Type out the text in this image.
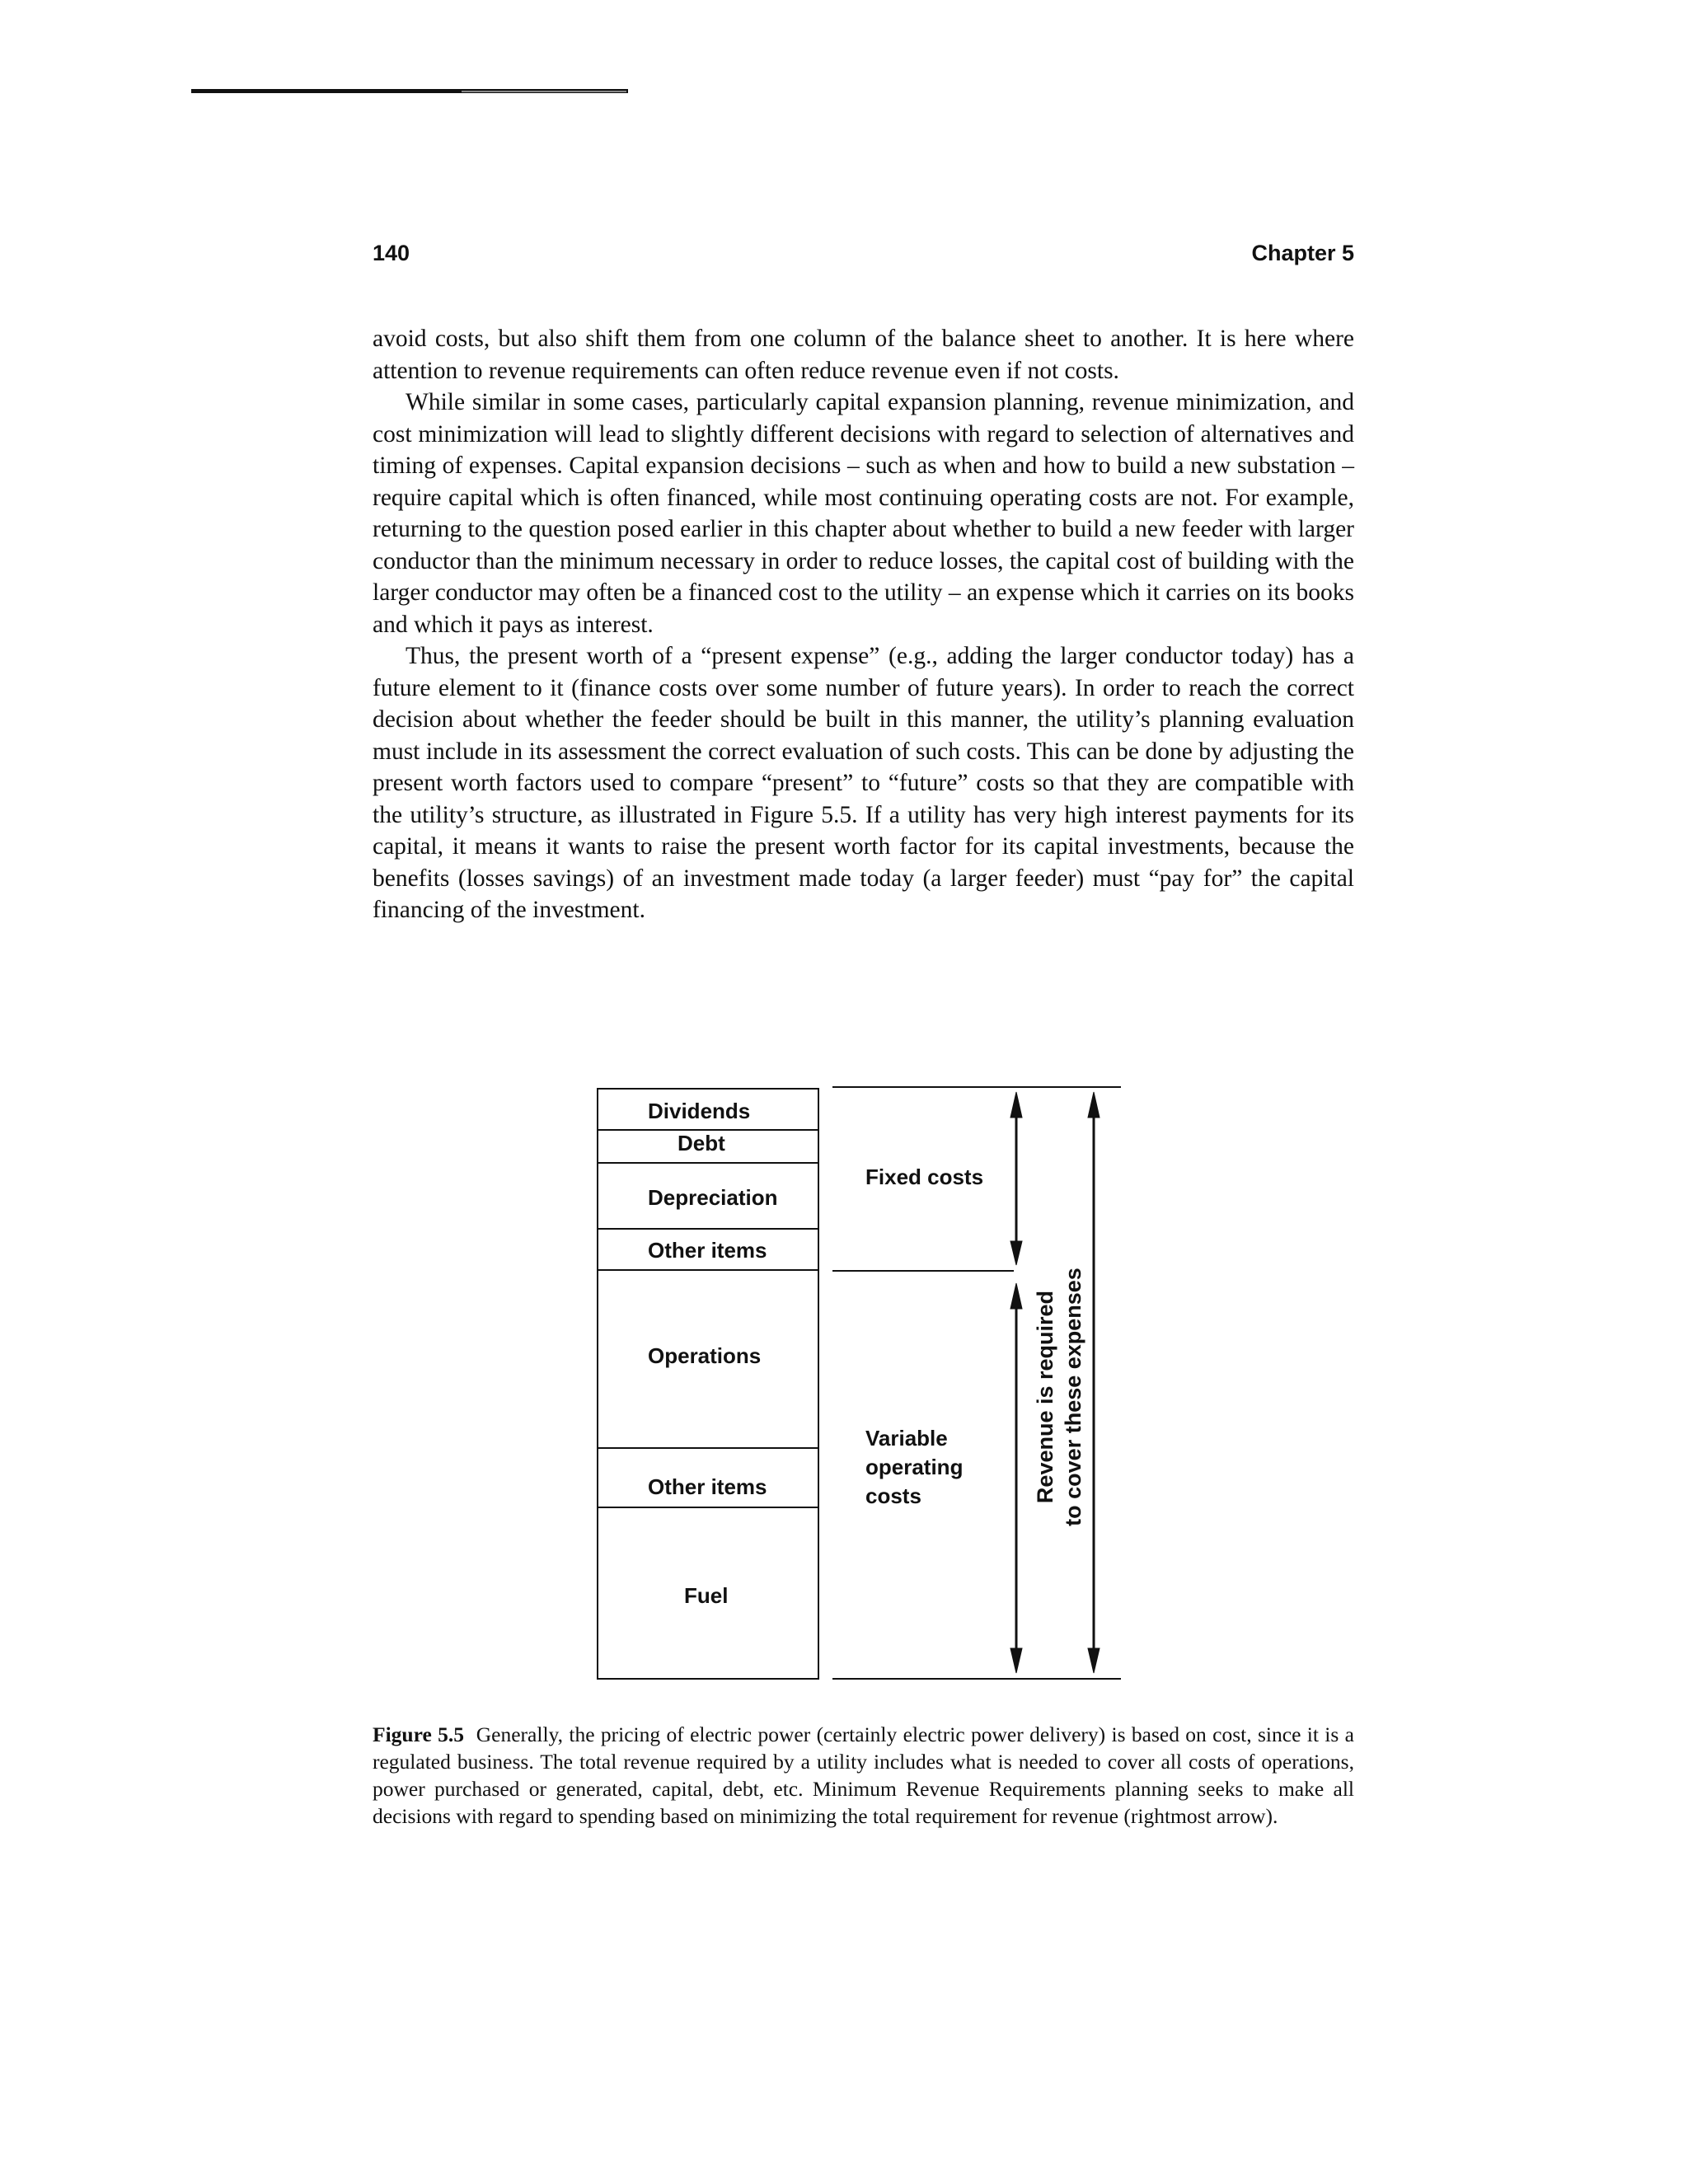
140	Chapter 5

avoid costs, but also shift them from one column of the balance sheet to another. It is here where attention to revenue requirements can often reduce revenue even if not costs.

While similar in some cases, particularly capital expansion planning, revenue minimization, and cost minimization will lead to slightly different decisions with regard to selection of alternatives and timing of expenses. Capital expansion decisions – such as when and how to build a new substation – require capital which is often financed, while most continuing operating costs are not. For example, returning to the question posed earlier in this chapter about whether to build a new feeder with larger conductor than the minimum necessary in order to reduce losses, the capital cost of building with the larger conductor may often be a financed cost to the utility – an expense which it carries on its books and which it pays as interest.

Thus, the present worth of a “present expense” (e.g., adding the larger conductor today) has a future element to it (finance costs over some number of future years). In order to reach the correct decision about whether the feeder should be built in this manner, the utility’s planning evaluation must include in its assessment the correct evaluation of such costs. This can be done by adjusting the present worth factors used to compare “present” to “future” costs so that they are compatible with the utility’s structure, as illustrated in Figure 5.5. If a utility has very high interest payments for its capital, it means it wants to raise the present worth factor for its capital investments, because the benefits (losses savings) of an investment made today (a larger feeder) must “pay for” the capital financing of the investment.

Dividends
Debt
Depreciation
Other items
Operations
Other items
Fuel
Fixed costs
Variable
operating
costs	Revenue is required to cover these expenses
Figure 5.5 Generally, the pricing of electric power (certainly electric power delivery) is based on cost, since it is a regulated business. The total revenue required by a utility includes what is needed to cover all costs of operations, power purchased or generated, capital, debt, etc. Minimum Revenue Requirements planning seeks to make all decisions with regard to spending based on minimizing the total requirement for revenue (rightmost arrow).
